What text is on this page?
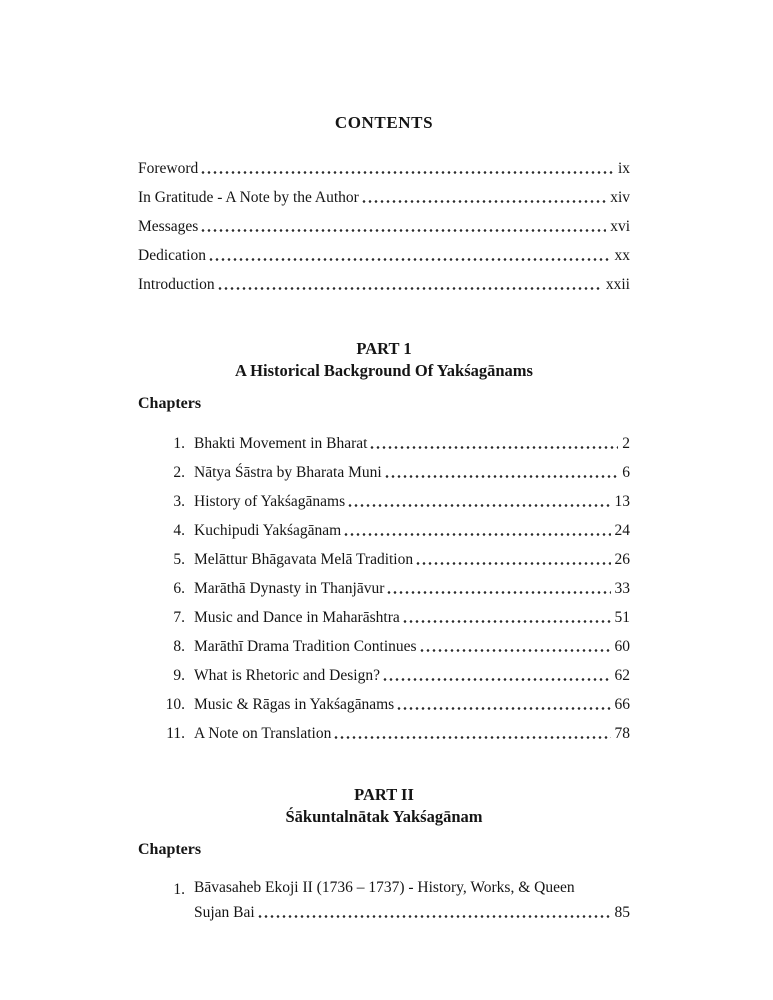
CONTENTS
Foreword	ix
In Gratitude - A Note by the Author	xiv
Messages	xvi
Dedication	xx
Introduction	xxii
PART 1
A Historical Background Of Yakśagānams
Chapters
1. Bhakti Movement in Bharat	2
2. Nātya Śāstra by Bharata Muni	6
3. History of Yakśagānams	13
4. Kuchipudi Yakśagānam	24
5. Melāttur Bhāgavata Melā Tradition	26
6. Marāthā Dynasty in Thanjāvur	33
7. Music and Dance in Maharāshtra	51
8. Marāthī Drama Tradition Continues	60
9. What is Rhetoric and Design?	62
10. Music & Rāgas in Yakśagānams	66
11. A Note on Translation	78
PART II
Śākuntalnātak Yakśagānam
Chapters
1. Bāvasaheb Ekoji II (1736 – 1737) - History, Works, & Queen
Sujan Bai	85
